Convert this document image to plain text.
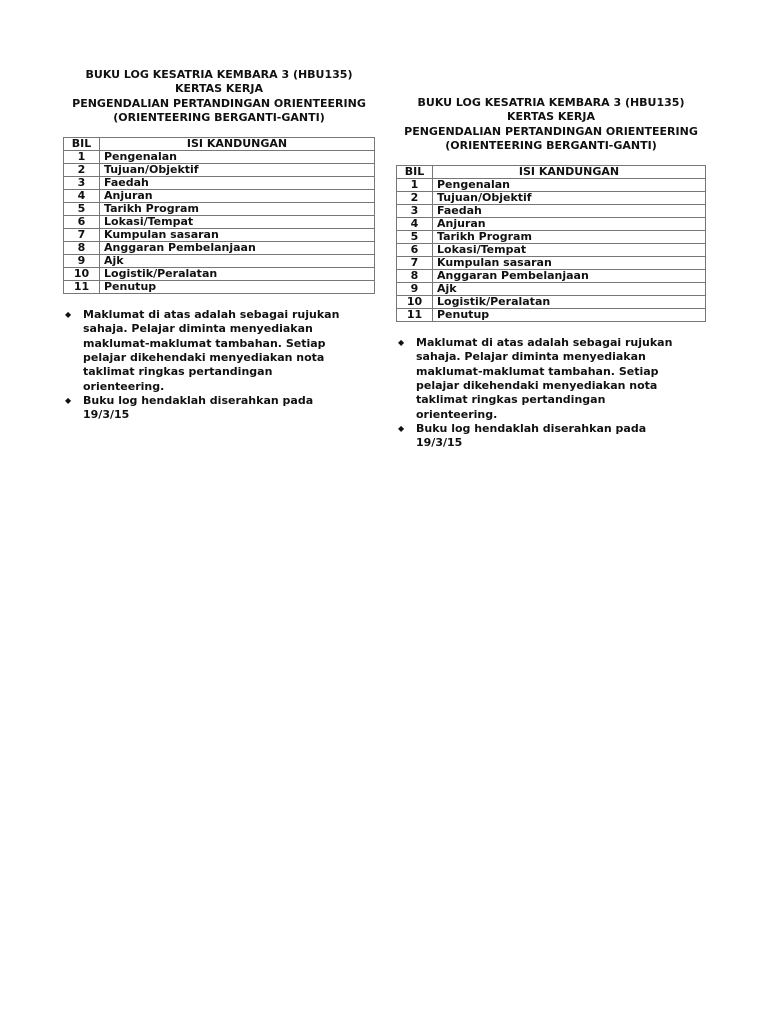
BUKU LOG KESATRIA KEMBARA 3 (HBU135)
KERTAS KERJA
PENGENDALIAN PERTANDINGAN ORIENTEERING
(ORIENTEERING BERGANTI-GANTI)
BIL	ISI KANDUNGAN
1	Pengenalan
2	Tujuan/Objektif
3	Faedah
4	Anjuran
5	Tarikh Program
6	Lokasi/Tempat
7	Kumpulan sasaran
8	Anggaran Pembelanjaan
9	Ajk
10	Logistik/Peralatan
11	Penutup
◆ Maklumat di atas adalah sebagai rujukan
sahaja. Pelajar diminta menyediakan
maklumat-maklumat tambahan. Setiap
pelajar dikehendaki menyediakan nota
taklimat ringkas pertandingan
orienteering.
◆ Buku log hendaklah diserahkan pada
19/3/15
BUKU LOG KESATRIA KEMBARA 3 (HBU135)
KERTAS KERJA
PENGENDALIAN PERTANDINGAN ORIENTEERING
(ORIENTEERING BERGANTI-GANTI)
BIL	ISI KANDUNGAN
1	Pengenalan
2	Tujuan/Objektif
3	Faedah
4	Anjuran
5	Tarikh Program
6	Lokasi/Tempat
7	Kumpulan sasaran
8	Anggaran Pembelanjaan
9	Ajk
10	Logistik/Peralatan
11	Penutup
◆ Maklumat di atas adalah sebagai rujukan
sahaja. Pelajar diminta menyediakan
maklumat-maklumat tambahan. Setiap
pelajar dikehendaki menyediakan nota
taklimat ringkas pertandingan
orienteering.
◆ Buku log hendaklah diserahkan pada
19/3/15
